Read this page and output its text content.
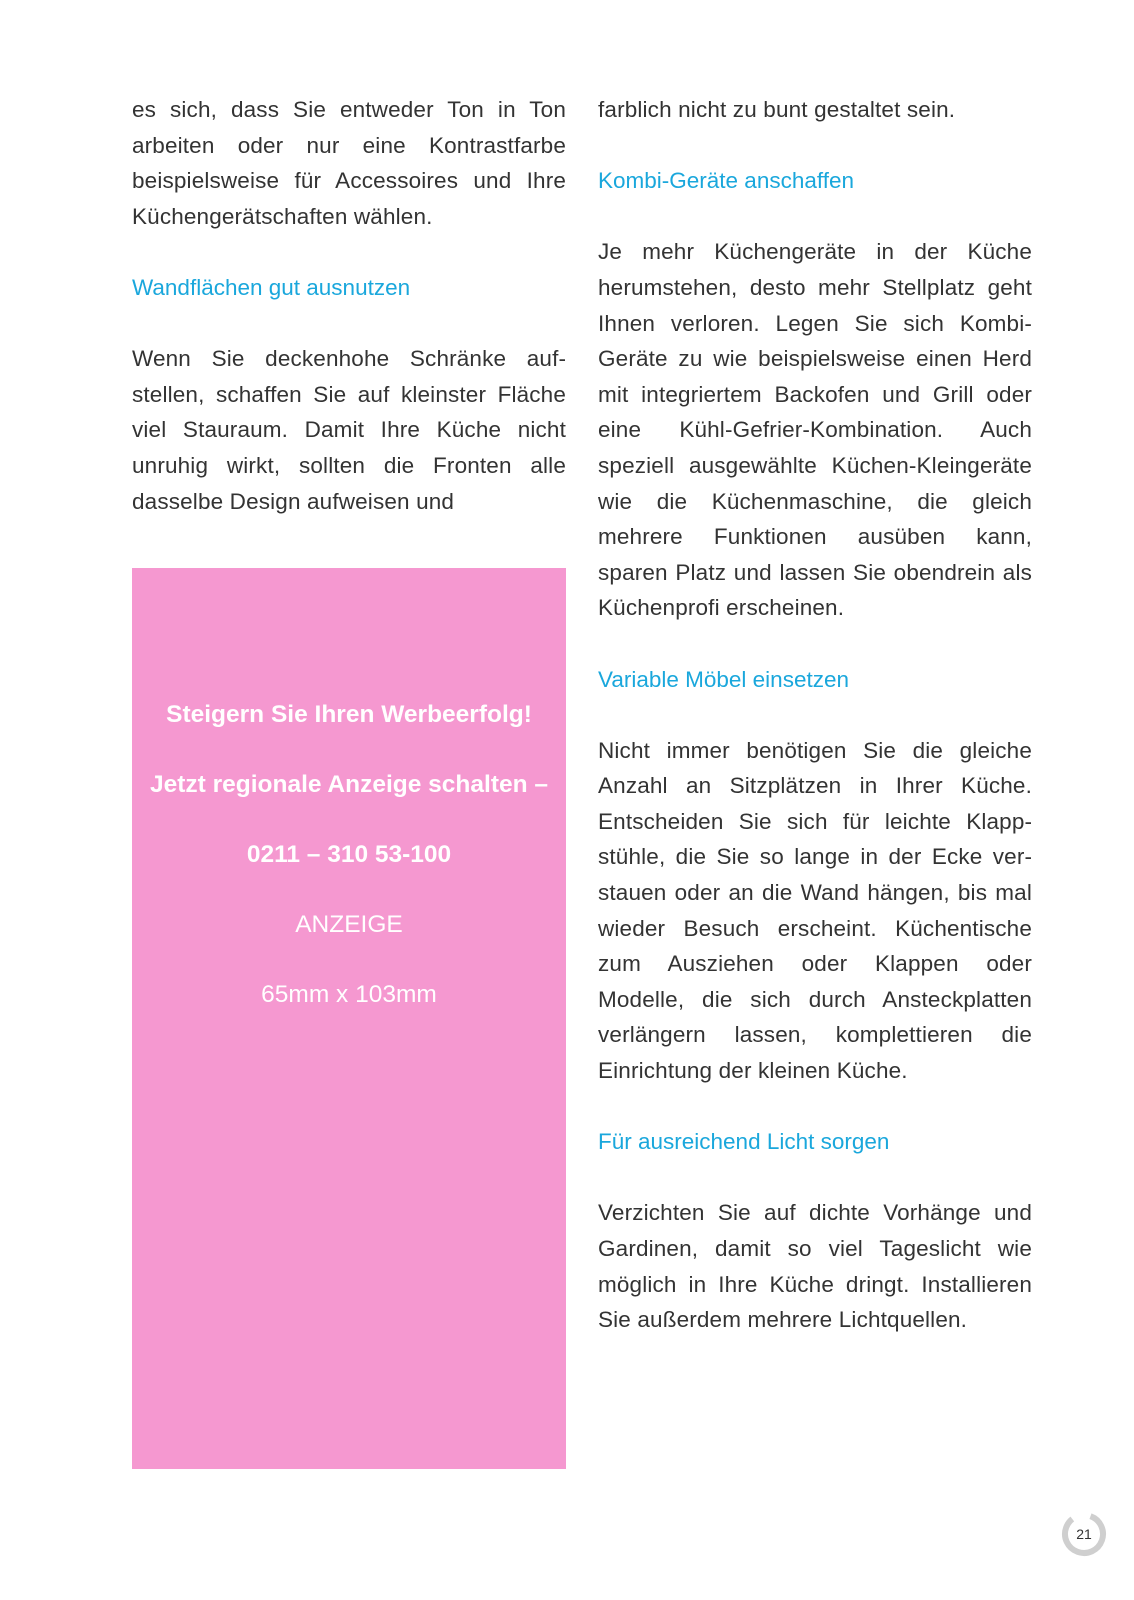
es sich, dass Sie entweder Ton in Ton arbeiten oder nur eine Kontrastfarbe beispielsweise für Accessoires und Ihre Küchengerätschaften wählen.

Wandflächen gut ausnutzen

Wenn Sie deckenhohe Schränke aufstellen, schaffen Sie auf kleinster Fläche viel Stauraum. Damit Ihre Küche nicht unruhig wirkt, sollten die Fronten alle dasselbe Design aufweisen und

Steigern Sie Ihren Werbeerfolg!
Jetzt regionale Anzeige schalten –
0211 – 310 53-100
ANZEIGE
65mm x 103mm

farblich nicht zu bunt gestaltet sein.

Kombi-Geräte anschaffen

Je mehr Küchengeräte in der Küche herumstehen, desto mehr Stellplatz geht Ihnen verloren. Legen Sie sich Kombi-Geräte zu wie beispielsweise einen Herd mit integriertem Backofen und Grill oder eine Kühl-Gefrier-Kombination. Auch speziell ausgewählte Küchen-Kleingeräte wie die Küchenmaschine, die gleich mehrere Funktionen ausüben kann, sparen Platz und lassen Sie obendrein als Küchenprofi erscheinen.

Variable Möbel einsetzen

Nicht immer benötigen Sie die gleiche Anzahl an Sitzplätzen in Ihrer Küche. Entscheiden Sie sich für leichte Klappstühle, die Sie so lange in der Ecke verstauen oder an die Wand hängen, bis mal wieder Besuch erscheint. Küchentische zum Ausziehen oder Klappen oder Modelle, die sich durch Ansteckplatten verlängern lassen, komplettieren die Einrichtung der kleinen Küche.

Für ausreichend Licht sorgen

Verzichten Sie auf dichte Vorhänge und Gardinen, damit so viel Tageslicht wie möglich in Ihre Küche dringt. Installieren Sie außerdem mehrere Lichtquellen.

21
